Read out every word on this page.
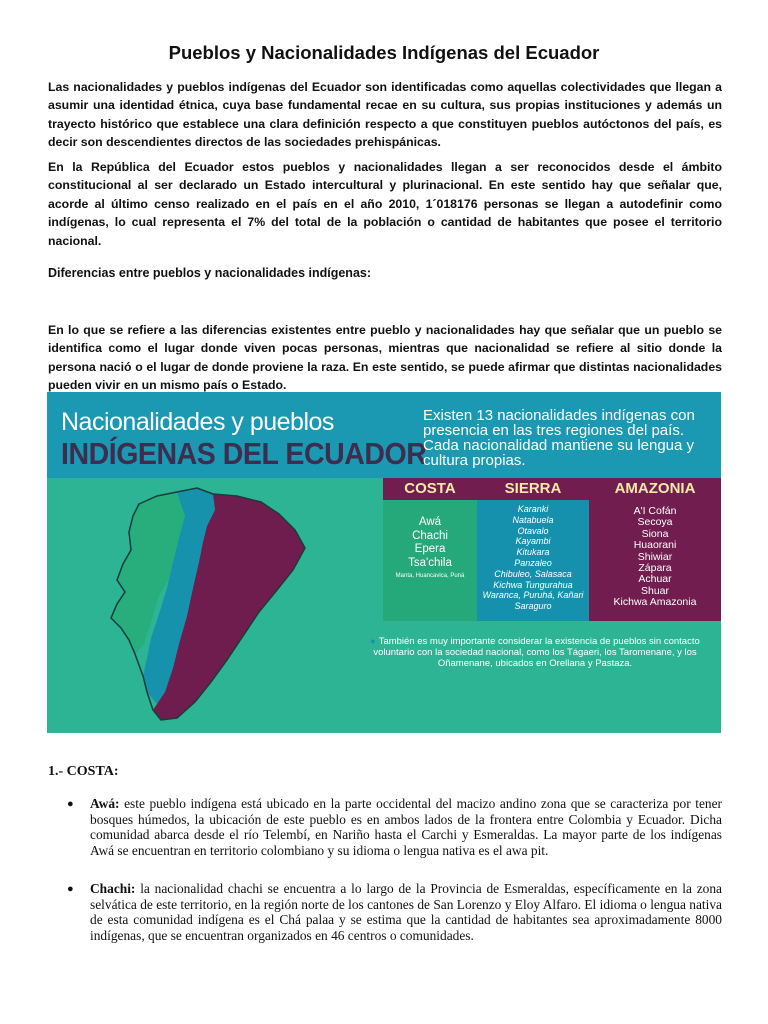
Pueblos y Nacionalidades Indígenas del Ecuador
Las nacionalidades y pueblos indígenas del Ecuador son identificadas como aquellas colectividades que llegan a asumir una identidad étnica, cuya base fundamental recae en su cultura, sus propias instituciones y además un trayecto histórico que establece una clara definición respecto a que constituyen pueblos autóctonos del país, es decir son descendientes directos de las sociedades prehispánicas.
En la República del Ecuador estos pueblos y nacionalidades llegan a ser reconocidos desde el ámbito constitucional al ser declarado un Estado intercultural y plurinacional. En este sentido hay que señalar que, acorde al último censo realizado en el país en el año 2010, 1´018176 personas se llegan a autodefinir como indígenas, lo cual representa el 7% del total de la población o cantidad de habitantes que posee el territorio nacional.
Diferencias entre pueblos y nacionalidades indígenas:
En lo que se refiere a las diferencias existentes entre pueblo y nacionalidades hay que señalar que un pueblo se identifica como el lugar donde viven pocas personas, mientras que nacionalidad se refiere al sitio donde la persona nació o el lugar de donde proviene la raza. En este sentido, se puede afirmar que distintas nacionalidades pueden vivir en un mismo país o Estado.
Nacionalidades y pueblos
INDÍGENAS DEL ECUADOR
Existen 13 nacionalidades indígenas con presencia en las tres regiones del país. Cada nacionalidad mantiene su lengua y cultura propias.
COSTA
Awá
Chachi
Epera
Tsa'chila
Manta, Huancavica, Puná
SIERRA
Karanki
Natabuela
Otavalo
Kayambi
Kitukara
Panzaleo
Chibuleo, Salasaca
Kichwa Tungurahua
Waranca, Puruhá, Kañari
Saraguro
AMAZONIA
A'I Cofán
Secoya
Siona
Huaorani
Shiwiar
Zápara
Achuar
Shuar
Kichwa Amazonia
● También es muy importante considerar la existencia de pueblos sin contacto voluntario con la sociedad nacional, como los Tágaeri, los Taromenane, y los Oñamenane, ubicados en Orellana y Pastaza.
1.- COSTA:
● Awá: este pueblo indígena está ubicado en la parte occidental del macizo andino zona que se caracteriza por tener bosques húmedos, la ubicación de este pueblo es en ambos lados de la frontera entre Colombia y Ecuador. Dicha comunidad abarca desde el río Telembí, en Nariño hasta el Carchi y Esmeraldas. La mayor parte de los indígenas Awá se encuentran en territorio colombiano y su idioma o lengua nativa es el awa pit.
● Chachi: la nacionalidad chachi se encuentra a lo largo de la Provincia de Esmeraldas, específicamente en la zona selvática de este territorio, en la región norte de los cantones de San Lorenzo y Eloy Alfaro. El idioma o lengua nativa de esta comunidad indígena es el Chá palaa y se estima que la cantidad de habitantes sea aproximadamente 8000 indígenas, que se encuentran organizados en 46 centros o comunidades.
